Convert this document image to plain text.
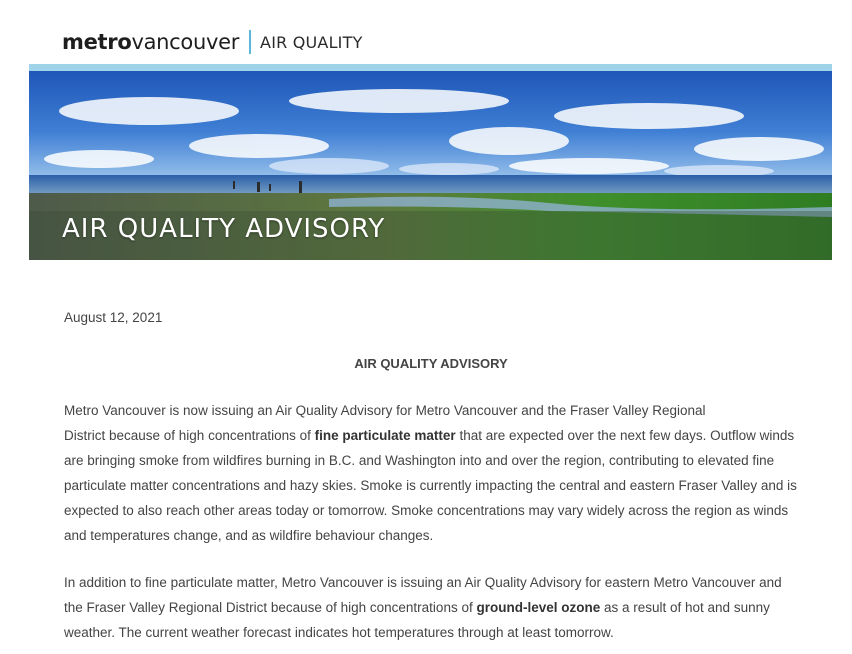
metro vancouver AIR QUALITY
AIR QUALITY ADVISORY
August 12, 2021
AIR QUALITY ADVISORY
Metro Vancouver is now issuing an Air Quality Advisory for Metro Vancouver and the Fraser Valley Regional
District because of high concentrations of fine particulate matter that are expected over the next few days. Outflow winds are bringing smoke from wildfires burning in B.C. and Washington into and over the region, contributing to elevated fine particulate matter concentrations and hazy skies. Smoke is currently impacting the central and eastern Fraser Valley and is expected to also reach other areas today or tomorrow. Smoke concentrations may vary widely across the region as winds and temperatures change, and as wildfire behaviour changes.
In addition to fine particulate matter, Metro Vancouver is issuing an Air Quality Advisory for eastern Metro Vancouver and the Fraser Valley Regional District because of high concentrations of ground-level ozone as a result of hot and sunny weather. The current weather forecast indicates hot temperatures through at least tomorrow.
